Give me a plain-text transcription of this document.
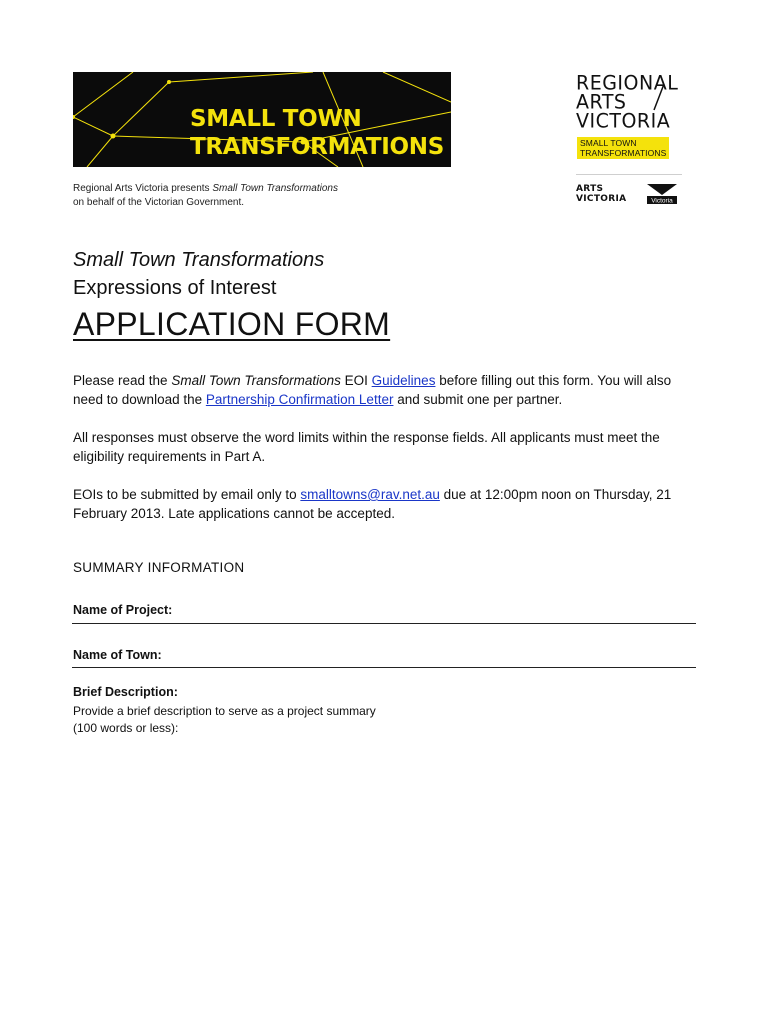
SMALL TOWN
TRANSFORMATIONS
REGIONAL
ARTS
VICTORIA
SMALL TOWN
TRANSFORMATIONS
ARTS
VICTORIA	Victoria
Regional Arts Victoria presents Small Town Transformations
on behalf of the Victorian Government.
Small Town Transformations
Expressions of Interest
APPLICATION FORM

Please read the Small Town Transformations EOI Guidelines before filling out this form. You will also need to download the Partnership Confirmation Letter and submit one per partner.

All responses must observe the word limits within the response fields. All applicants must meet the eligibility requirements in Part A.

EOIs to be submitted by email only to smalltowns@rav.net.au due at 12:00pm noon on Thursday, 21 February 2013. Late applications cannot be accepted.

SUMMARY INFORMATION

Name of Project:

Name of Town:

Brief Description:

Provide a brief description to serve as a project summary
(100 words or less):
